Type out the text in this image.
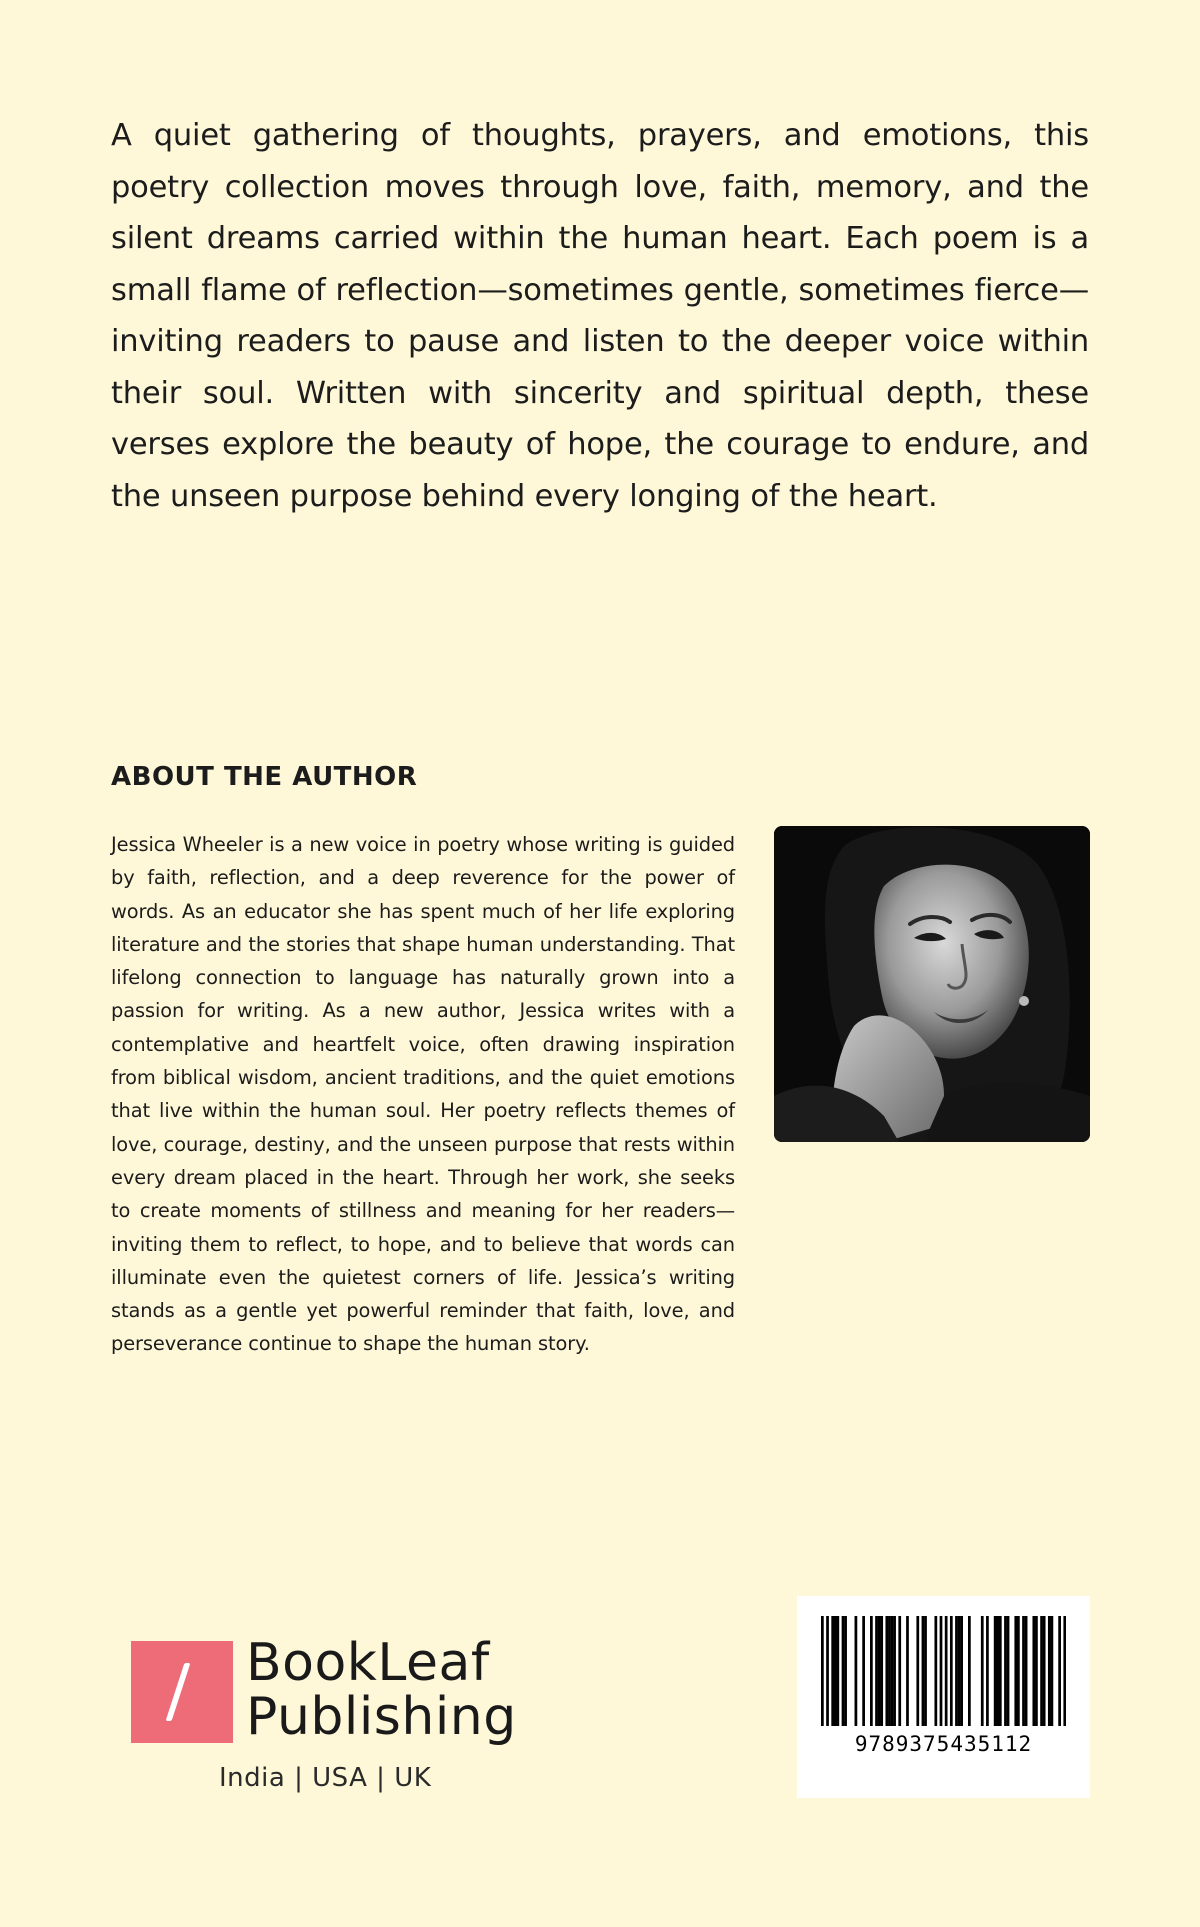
A quiet gathering of thoughts, prayers, and emotions, this poetry collection moves through love, faith, memory, and the silent dreams carried within the human heart. Each poem is a small flame of reflection—sometimes gentle, sometimes fierce—inviting readers to pause and listen to the deeper voice within their soul. Written with sincerity and spiritual depth, these verses explore the beauty of hope, the courage to endure, and the unseen purpose behind every longing of the heart.

ABOUT THE AUTHOR

Jessica Wheeler is a new voice in poetry whose writing is guided by faith, reflection, and a deep reverence for the power of words. As an educator she has spent much of her life exploring literature and the stories that shape human understanding. That lifelong connection to language has naturally grown into a passion for writing. As a new author, Jessica writes with a contemplative and heartfelt voice, often drawing inspiration from biblical wisdom, ancient traditions, and the quiet emotions that live within the human soul. Her poetry reflects themes of love, courage, destiny, and the unseen purpose that rests within every dream placed in the heart. Through her work, she seeks to create moments of stillness and meaning for her readers—inviting them to reflect, to hope, and to believe that words can illuminate even the quietest corners of life. Jessica’s writing stands as a gentle yet powerful reminder that faith, love, and perseverance continue to shape the human story.

BookLeaf

Publishing

India | USA | UK

9789375435112
